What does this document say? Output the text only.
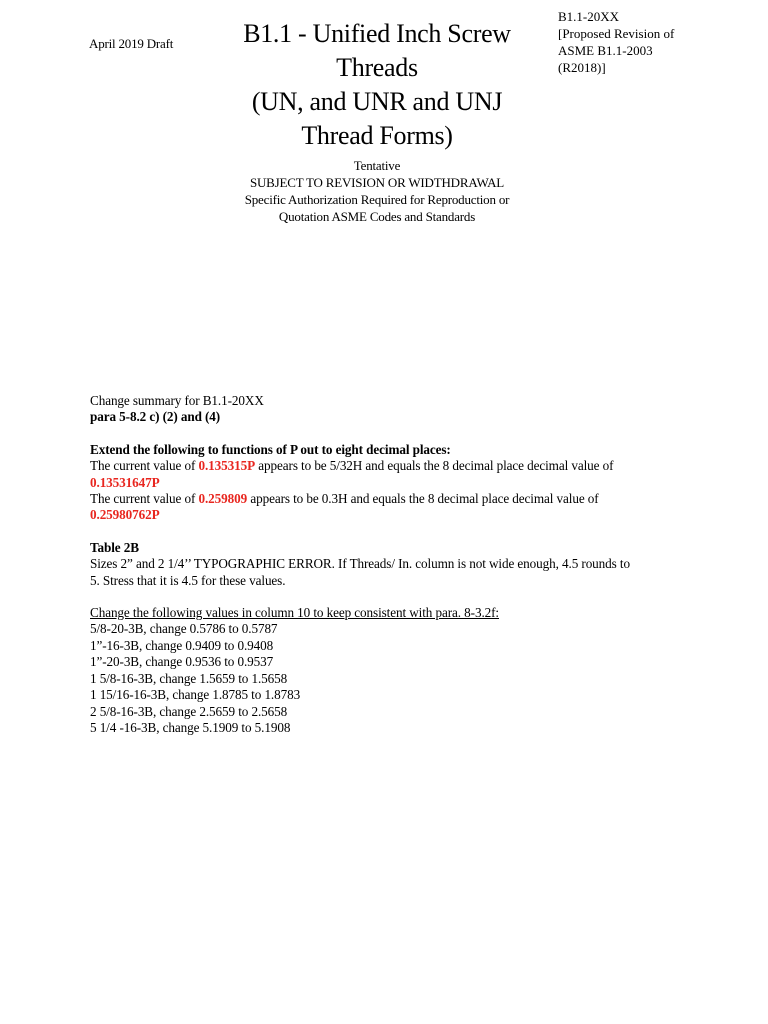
April 2019 Draft	B1.1 - Unified Inch Screw
Threads
(UN, and UNR and UNJ
Thread Forms)
B1.1-20XX
[Proposed Revision of
ASME B1.1-2003
(R2018)]
Tentative
SUBJECT TO REVISION OR WIDTHDRAWAL
Specific Authorization Required for Reproduction or
Quotation ASME Codes and Standards
Change summary for B1.1-20XX
para 5-8.2 c) (2) and (4)
Extend the following to functions of P out to eight decimal places:
The current value of 0.135315P appears to be 5/32H and equals the 8 decimal place decimal value of
0.13531647P
The current value of 0.259809 appears to be 0.3H and equals the 8 decimal place decimal value of
0.25980762P
Table 2B
Sizes 2” and 2 1/4’’ TYPOGRAPHIC ERROR. If Threads/ In. column is not wide enough, 4.5 rounds to
5. Stress that it is 4.5 for these values.
Change the following values in column 10 to keep consistent with para. 8-3.2f:
5/8-20-3B, change 0.5786 to 0.5787
1”-16-3B, change 0.9409 to 0.9408
1”-20-3B, change 0.9536 to 0.9537
1 5/8-16-3B, change 1.5659 to 1.5658
1 15/16-16-3B, change 1.8785 to 1.8783
2 5/8-16-3B, change 2.5659 to 2.5658
5 1/4 -16-3B, change 5.1909 to 5.1908
